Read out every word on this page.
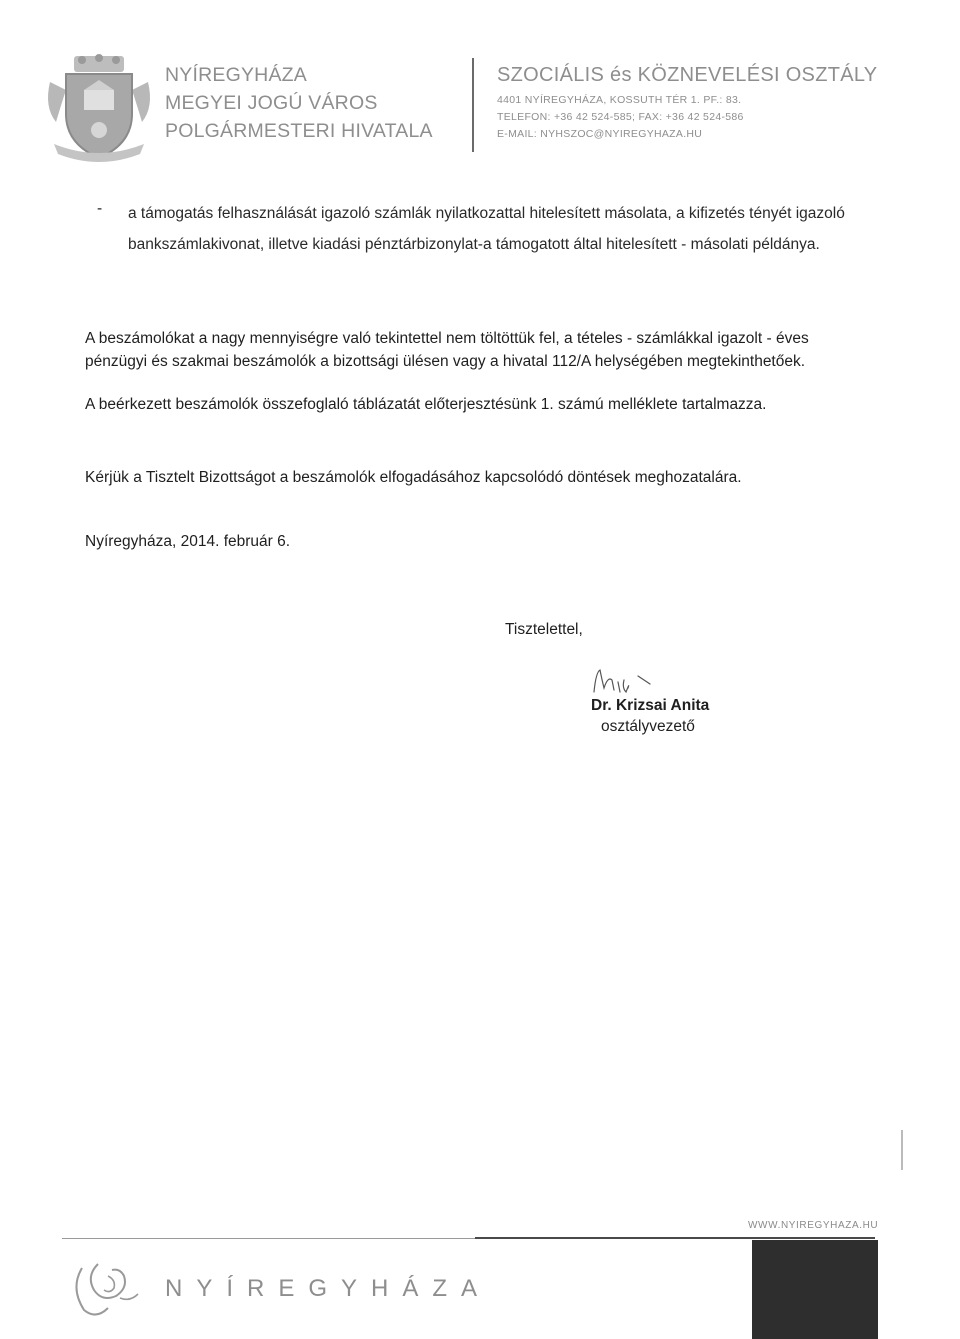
NYÍREGYHÁZA
MEGYEI JOGÚ VÁROS
POLGÁRMESTERI HIVATALA
SZOCIÁLIS és KÖZNEVELÉSI OSZTÁLY
4401 NYÍREGYHÁZA, KOSSUTH TÉR 1. PF.: 83.
TELEFON: +36 42 524-585; FAX: +36 42 524-586
E-MAIL: NYHSZOC@NYIREGYHAZA.HU
- a támogatás felhasználását igazoló számlák nyilatkozattal hitelesített másolata, a kifizetés tényét igazoló bankszámlakivonat, illetve kiadási pénztárbizonylat-a támogatott által hitelesített - másolati példánya.

A beszámolókat a nagy mennyiségre való tekintettel nem töltöttük fel, a tételes - számlákkal igazolt - éves
pénzügyi és szakmai beszámolók a bizottsági ülésen vagy a hivatal 112/A helységében megtekinthetőek.
A beérkezett beszámolók összefoglaló táblázatát előterjesztésünk 1. számú melléklete tartalmazza.
Kérjük a Tisztelt Bizottságot a beszámolók elfogadásához kapcsolódó döntések meghozatalára.
Nyíregyháza, 2014. február 6.
Tisztelettel,
Dr. Krizsai Anita
osztályvezető
WWW.NYIREGYHAZA.HU
NYÍREGYHÁZA
